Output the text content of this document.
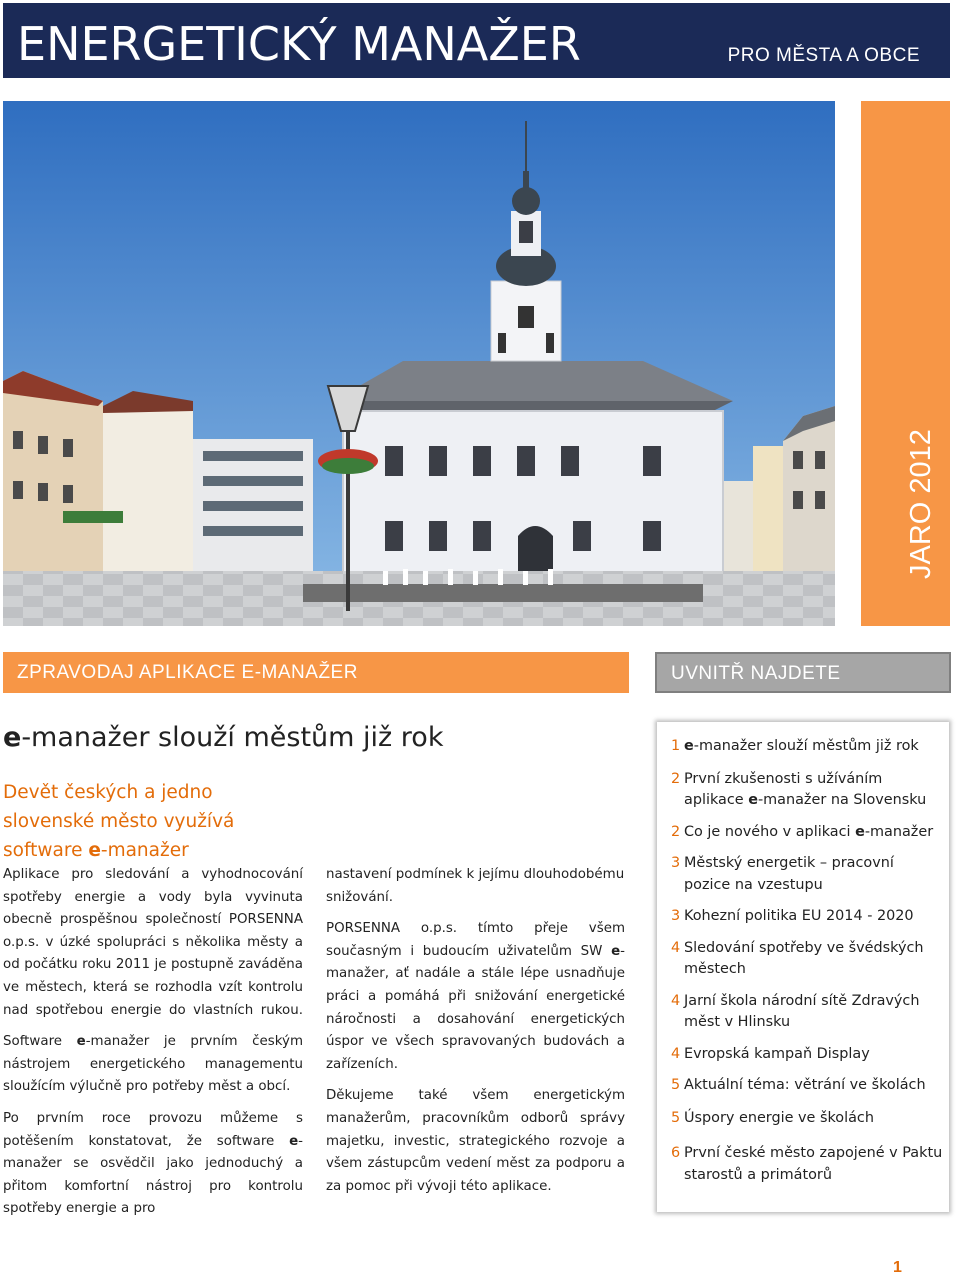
ENERGETICKÝ MANAŽER	PRO MĚSTA A OBCE
JARO 2012
ZPRAVODAJ APLIKACE E-MANAŽER	UVNITŘ NAJDETE
e-manažer slouží městům již rok
Devět českých a jedno slovenské město využívá software e-manažer

Aplikace pro sledování a vyhodnocování spotřeby energie a vody byla vyvinuta obecně prospěšnou společností PORSENNA o.p.s. v úzké spolupráci s několika městy a od počátku roku 2011 je postupně zaváděna ve městech, která se rozhodla vzít kontrolu nad spotřebou energie do vlastních rukou.

Software e-manažer je prvním českým nástrojem energetického managementu sloužícím výlučně pro potřeby měst a obcí.

Po prvním roce provozu můžeme s potěšením konstatovat, že software e-manažer se osvědčil jako jednoduchý a přitom komfortní nástroj pro kontrolu spotřeby energie a pro

nastavení podmínek k jejímu dlouhodobému snižování.

PORSENNA o.p.s. tímto přeje všem současným i budoucím uživatelům SW e-manažer, ať nadále a stále lépe usnadňuje práci a pomáhá při snižování energetické náročnosti a dosahování energetických úspor ve všech spravovaných budovách a zařízeních.

Děkujeme také všem energetickým manažerům, pracovníkům odborů správy majetku, investic, strategického rozvoje a všem zástupcům vedení měst za podporu a za pomoc při vývoji této aplikace.

1 e-manažer slouží městům již rok
2 První zkušenosti s užíváním aplikace e-manažer na Slovensku
2 Co je nového v aplikaci e-manažer
3 Městský energetik – pracovní pozice na vzestupu
3 Kohezní politika EU 2014 - 2020
4 Sledování spotřeby ve švédských městech
4 Jarní škola národní sítě Zdravých měst v Hlinsku
4 Evropská kampaň Display
5 Aktuální téma: větrání ve školách
5 Úspory energie ve školách
6 První české město zapojené v Paktu starostů a primátorů
1
